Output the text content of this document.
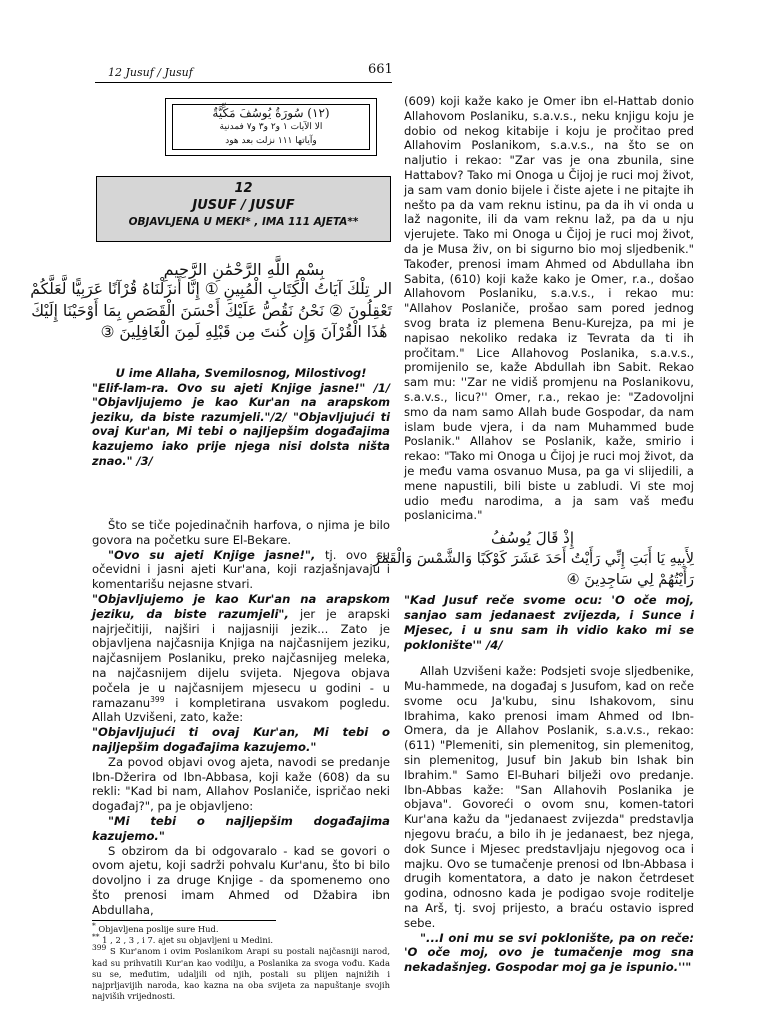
12 Jusuf / Jusuf	661
(١٢) سُورَةُ يُوسُفَ مَكِّيَّةٌ
الا الآيات ١ و٢ و٣ و٧ فمدنية
وآياتها ١١١ نزلت بعد هود
12
JUSUF / JUSUF
OBJAVLJENA U MEKI* , IMA 111 AJETA**
بِسْمِ اللَّهِ الرَّحْمَٰنِ الرَّحِيمِ
الر تِلْكَ آيَاتُ الْكِتَابِ الْمُبِينِ ① إِنَّا أَنزَلْنَاهُ قُرْآنًا عَرَبِيًّا لَّعَلَّكُمْ
تَعْقِلُونَ ② نَحْنُ نَقُصُّ عَلَيْكَ أَحْسَنَ الْقَصَصِ بِمَا أَوْحَيْنَا إِلَيْكَ
هَٰذَا الْقُرْآنَ وَإِن كُنتَ مِن قَبْلِهِ لَمِنَ الْغَافِلِينَ ③

U ime Allaha, Svemilosnog, Milostivog!

"Elif-lam-ra. Ovo su ajeti Knjige jasne!" /1/ "Objavljujemo je kao Kur'an na arapskom jeziku, da biste razumjeli."/2/ "Objavljujući ti ovaj Kur'an, Mi tebi o najljepšim događajima kazujemo iako prije njega nisi dolsta ništa znao." /3/

Što se tiče pojedinačnih harfova, o njima je bilo govora na početku sure El-Bekare.

"Ovo su ajeti Knjige jasne!", tj. ovo su očevidni i jasni ajeti Kur'ana, koji razjašnjavaju i komentarišu nejasne stvari.

"Objavljujemo je kao Kur'an na arapskom jeziku, da biste razumjeli", jer je arapski najrječitiji, najširi i najjasniji jezik... Zato je objavljena najčasnija Knjiga na najčasnijem jeziku, najčasnijem Poslaniku, preko najčasnijeg meleka, na najčasnijem dijelu svijeta. Njegova objava počela je u najčasnijem mjesecu u godini - u ramazanu$^{399}$ i kompletirana usvakom pogledu. Allah Uzvišeni, zato, kaže:

"Objavljujući ti ovaj Kur'an, Mi tebi o najljepšim događajima kazujemo."

Za povod objavi ovog ajeta, navodi se predanje Ibn-Džerira od Ibn-Abbasa, koji kaže (608) da su rekli: "Kad bi nam, Allahov Poslaniče, ispričao neki događaj?", pa je objavljeno:

"Mi tebi o najljepšim događajima kazujemo."

S obzirom da bi odgovaralo - kad se govori o ovom ajetu, koji sadrži pohvalu Kur'anu, što bi bilo dovoljno i za druge Knjige - da spomenemo ono što prenosi imam Ahmed od Džabira ibn Abdullaha,

* Objavljena poslije sure Hud.

** 1 , 2 , 3 , i 7. ajet su objavljeni u Medini.

$^{399}$ S Kur'anom i ovim Poslanikom Arapi su postali najčasniji narod, kad su prihvatili Kur'an kao vodilju, a Poslanika za svoga vođu. Kada su se, međutim, udaljili od njih, postali su plijen najnižih i najprljavijih naroda, kao kazna na oba svijeta za napuštanje svojih najviših vrijednosti.

(609) koji kaže kako je Omer ibn el-Hattab donio Allahovom Poslaniku, s.a.v.s., neku knjigu koju je dobio od nekog kitabije i koju je pročitao pred Allahovim Poslanikom, s.a.v.s., na što se on naljutio i rekao: "Zar vas je ona zbunila, sine Hattabov? Tako mi Onoga u Čijoj je ruci moj život, ja sam vam donio bijele i čiste ajete i ne pitajte ih nešto pa da vam reknu istinu, pa da ih vi onda u laž nagonite, ili da vam reknu laž, pa da u nju vjerujete. Tako mi Onoga u Čijoj je ruci moj život, da je Musa živ, on bi sigurno bio moj sljedbenik." Također, prenosi imam Ahmed od Abdullaha ibn Sabita, (610) koji kaže kako je Omer, r.a., došao Allahovom Poslaniku, s.a.v.s., i rekao mu: "Allahov Poslaniče, prošao sam pored jednog svog brata iz plemena Benu-Kurejza, pa mi je napisao nekoliko redaka iz Tevrata da ti ih pročitam." Lice Allahovog Poslanika, s.a.v.s., promijenilo se, kaže Abdullah ibn Sabit. Rekao sam mu: ''Zar ne vidiš promjenu na Poslanikovu, s.a.v.s., licu?'' Omer, r.a., rekao je: "Zadovoljni smo da nam samo Allah bude Gospodar, da nam islam bude vjera, i da nam Muhammed bude Poslanik." Allahov se Poslanik, kaže, smirio i rekao: "Tako mi Onoga u Čijoj je ruci moj život, da je među vama osvanuo Musa, pa ga vi slijedili, a mene napustili, bili biste u zabludi. Vi ste moj udio među narodima, a ja sam vaš među poslanicima."

إِذْ قَالَ يُوسُفُ
لِأَبِيهِ يَا أَبَتِ إِنِّي رَأَيْتُ أَحَدَ عَشَرَ كَوْكَبًا وَالشَّمْسَ وَالْقَمَرَ
رَأَيْتُهُمْ لِي سَاجِدِينَ ④

"Kad Jusuf reče svome ocu: 'O oče moj, sanjao sam jedanaest zvijezda, i Sunce i Mjesec, i u snu sam ih vidio kako mi se poklonište'" /4/

Allah Uzvišeni kaže: Podsjeti svoje sljedbenike, Mu-hammede, na događaj s Jusufom, kad on reče svome ocu Ja'kubu, sinu Ishakovom, sinu Ibrahima, kako prenosi imam Ahmed od Ibn-Omera, da je Allahov Poslanik, s.a.v.s., rekao: (611) "Plemeniti, sin plemenitog, sin plemenitog, sin plemenitog, Jusuf bin Jakub bin Ishak bin Ibrahim." Samo El-Buhari bilježi ovo predanje. Ibn-Abbas kaže: "San Allahovih Poslanika je objava". Govoreći o ovom snu, komen-tatori Kur'ana kažu da "jedanaest zvijezda" predstavlja njegovu braću, a bilo ih je jedanaest, bez njega, dok Sunce i Mjesec predstavljaju njegovog oca i majku. Ovo se tumačenje prenosi od Ibn-Abbasa i drugih komentatora, a dato je nakon četrdeset godina, odnosno kada je podigao svoje roditelje na Arš, tj. svoj prijesto, a braću ostavio ispred sebe.

"...I oni mu se svi poklonište, pa on reče: 'O oče moj, ovo je tumačenje mog sna nekadašnjeg. Gospodar moj ga je ispunio.''"
